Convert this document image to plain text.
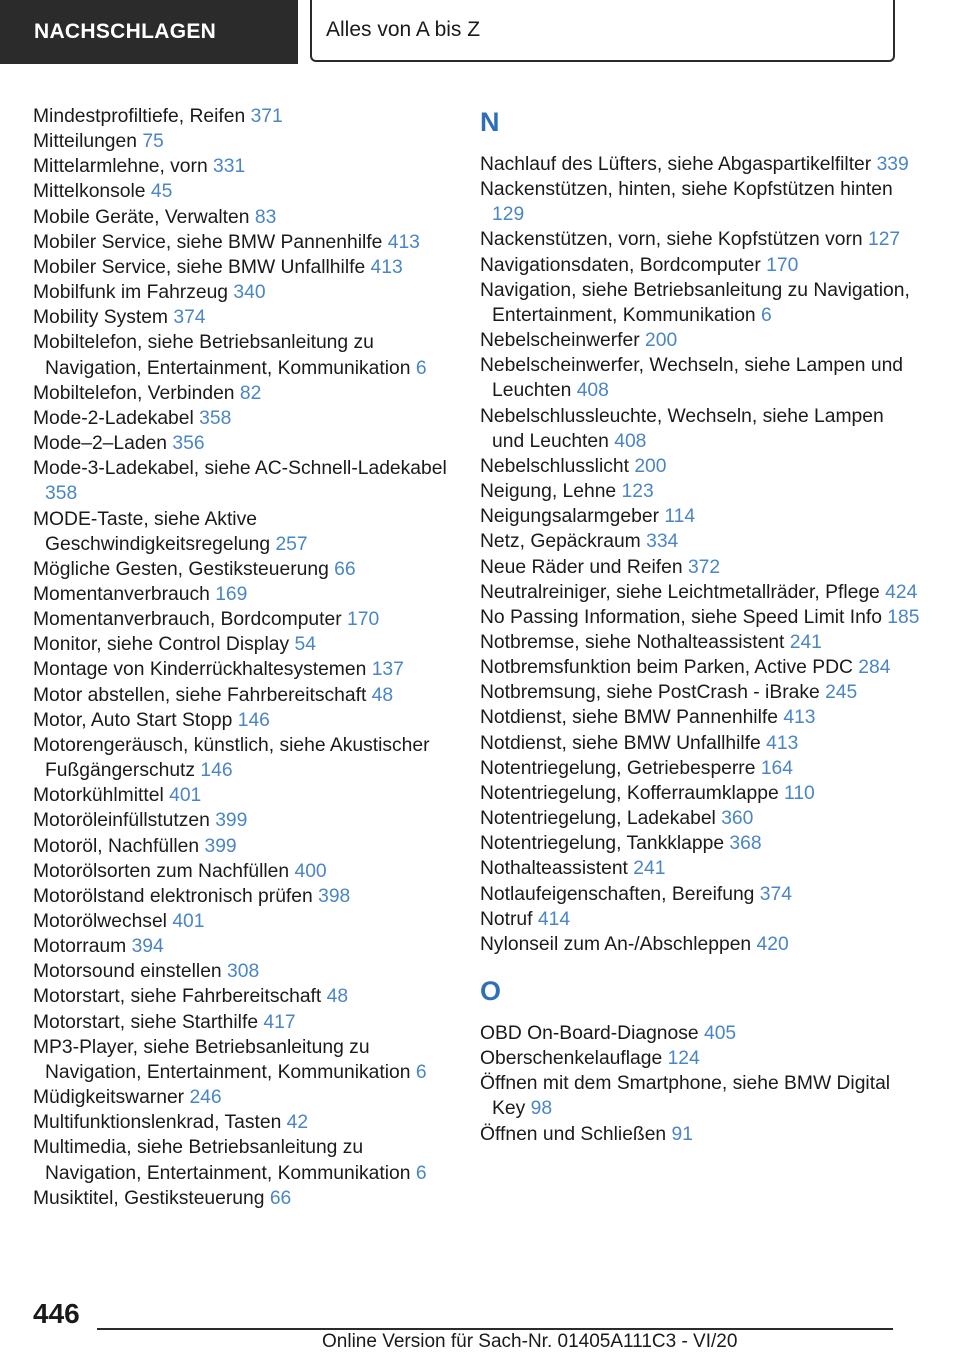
NACHSCHLAGEN	Alles von A bis Z
Mindestprofiltiefe, Reifen 371
Mitteilungen 75
Mittelarmlehne, vorn 331
Mittelkonsole 45
Mobile Geräte, Verwalten 83
Mobiler Service, siehe BMW Pannenhilfe 413
Mobiler Service, siehe BMW Unfallhilfe 413
Mobilfunk im Fahrzeug 340
Mobility System 374
Mobiltelefon, siehe Betriebsanleitung zu Navigation, Entertainment, Kommunikation 6
Mobiltelefon, Verbinden 82
Mode-2-Ladekabel 358
Mode–2–Laden 356
Mode-3-Ladekabel, siehe AC-Schnell-Ladekabel 358
MODE-Taste, siehe Aktive Geschwindigkeitsregelung 257
Mögliche Gesten, Gestiksteuerung 66
Momentanverbrauch 169
Momentanverbrauch, Bordcomputer 170
Monitor, siehe Control Display 54
Montage von Kinderrückhaltesystemen 137
Motor abstellen, siehe Fahrbereitschaft 48
Motor, Auto Start Stopp 146
Motorengeräusch, künstlich, siehe Akustischer Fußgängerschutz 146
Motorkühlmittel 401
Motoröleinfüllstutzen 399
Motoröl, Nachfüllen 399
Motorölsorten zum Nachfüllen 400
Motorölstand elektronisch prüfen 398
Motorölwechsel 401
Motorraum 394
Motorsound einstellen 308
Motorstart, siehe Fahrbereitschaft 48
Motorstart, siehe Starthilfe 417
MP3-Player, siehe Betriebsanleitung zu Navigation, Entertainment, Kommunikation 6
Müdigkeitswarner 246
Multifunktionslenkrad, Tasten 42
Multimedia, siehe Betriebsanleitung zu Navigation, Entertainment, Kommunikation 6
Musiktitel, Gestiksteuerung 66
N
Nachlauf des Lüfters, siehe Abgaspartikelfilter 339
Nackenstützen, hinten, siehe Kopfstützen hinten 129
Nackenstützen, vorn, siehe Kopfstützen vorn 127
Navigationsdaten, Bordcomputer 170
Navigation, siehe Betriebsanleitung zu Navigation, Entertainment, Kommunikation 6
Nebelscheinwerfer 200
Nebelscheinwerfer, Wechseln, siehe Lampen und Leuchten 408
Nebelschlussleuchte, Wechseln, siehe Lampen und Leuchten 408
Nebelschlusslicht 200
Neigung, Lehne 123
Neigungsalarmgeber 114
Netz, Gepäckraum 334
Neue Räder und Reifen 372
Neutralreiniger, siehe Leichtmetallräder, Pflege 424
No Passing Information, siehe Speed Limit Info 185
Notbremse, siehe Nothalteassistent 241
Notbremsfunktion beim Parken, Active PDC 284
Notbremsung, siehe PostCrash - iBrake 245
Notdienst, siehe BMW Pannenhilfe 413
Notdienst, siehe BMW Unfallhilfe 413
Notentriegelung, Getriebesperre 164
Notentriegelung, Kofferraumklappe 110
Notentriegelung, Ladekabel 360
Notentriegelung, Tankklappe 368
Nothalteassistent 241
Notlaufeigenschaften, Bereifung 374
Notruf 414
Nylonseil zum An-/Abschleppen 420
O
OBD On-Board-Diagnose 405
Oberschenkelauflage 124
Öffnen mit dem Smartphone, siehe BMW Digital Key 98
Öffnen und Schließen 91
446
Online Version für Sach-Nr. 01405A111C3 - VI/20
